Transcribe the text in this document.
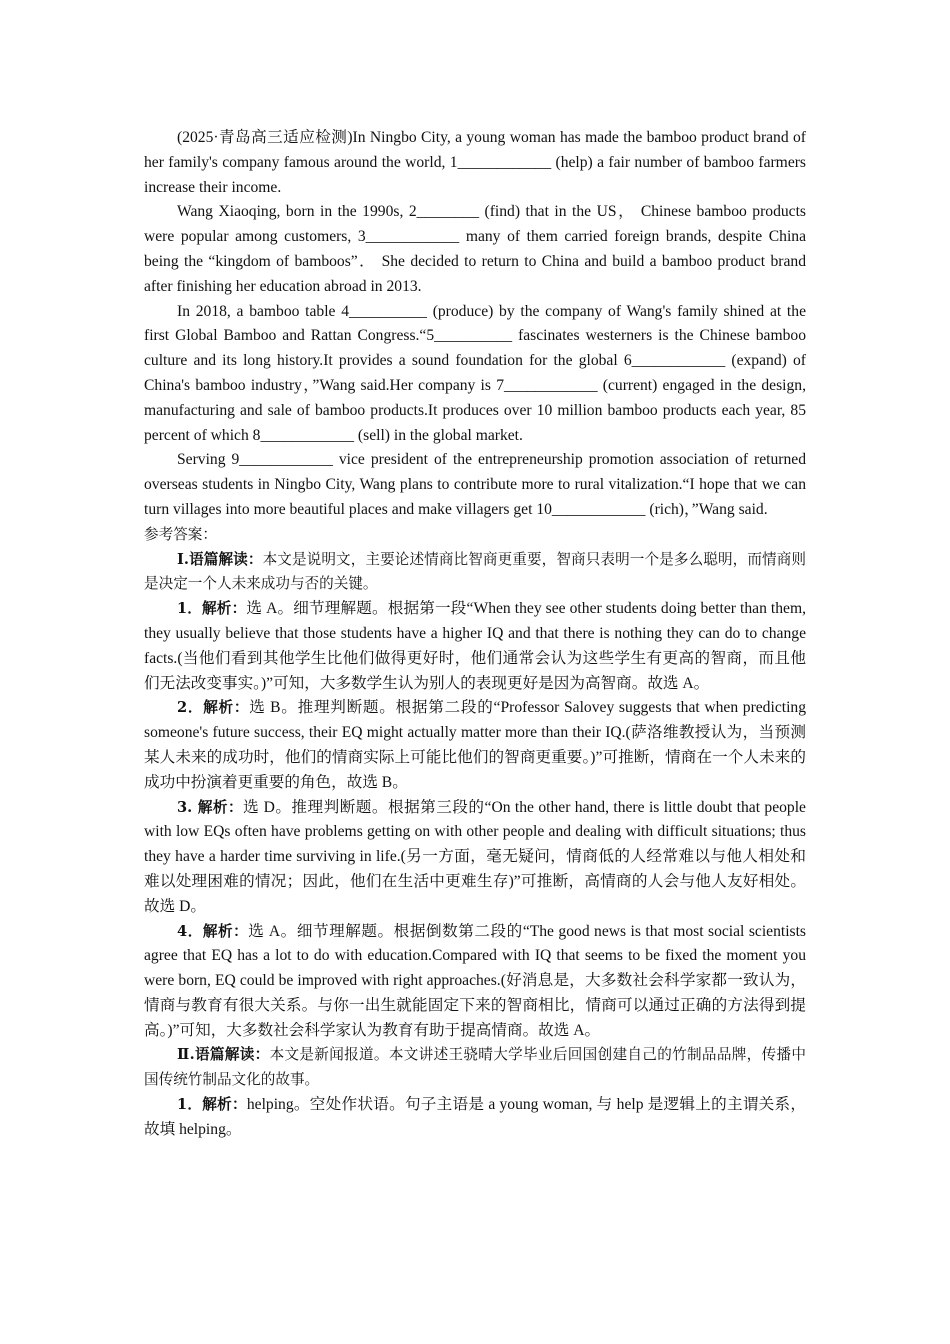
(2025·青岛高三适应检测)In Ningbo City, a young woman has made the bamboo product brand of her family's company famous around the world, 1____________ (help) a fair number of bamboo farmers increase their income.

Wang Xiaoqing, born in the 1990s, 2________ (find) that in the US， Chinese bamboo products were popular among customers, 3____________ many of them carried foreign brands, despite China being the “kingdom of bamboos”． She decided to return to China and build a bamboo product brand after finishing her education abroad in 2013.

In 2018, a bamboo table 4__________ (produce) by the company of Wang's family shined at the first Global Bamboo and Rattan Congress.“5__________ fascinates westerners is the Chinese bamboo culture and its long history.It provides a sound foundation for the global 6____________ (expand) of China's bamboo industry，”Wang said.Her company is 7____________ (current) engaged in the design, manufacturing and sale of bamboo products.It produces over 10 million bamboo products each year, 85 percent of which 8____________ (sell) in the global market.

Serving 9____________ vice president of the entrepreneurship promotion association of returned overseas students in Ningbo City, Wang plans to contribute more to rural vitalization.“I hope that we can turn villages into more beautiful places and make villagers get 10____________ (rich)，”Wang said.

参考答案：

Ⅰ.语篇解读：本文是说明文，主要论述情商比智商更重要，智商只表明一个是多么聪明，而情商则是决定一个人未来成功与否的关键。

1．解析：选 A。细节理解题。根据第一段“When they see other students doing better than them, they usually believe that those students have a higher IQ and that there is nothing they can do to change facts.(当他们看到其他学生比他们做得更好时，他们通常会认为这些学生有更高的智商，而且他们无法改变事实。)”可知，大多数学生认为别人的表现更好是因为高智商。故选 A。

2．解析：选 B。推理判断题。根据第二段的“Professor Salovey suggests that when predicting someone's future success, their EQ might actually matter more than their IQ.(萨洛维教授认为，当预测某人未来的成功时，他们的情商实际上可能比他们的智商更重要。)”可推断，情商在一个人未来的成功中扮演着更重要的角色，故选 B。

3. 解析：选 D。推理判断题。根据第三段的“On the other hand, there is little doubt that people with low EQs often have problems getting on with other people and dealing with difficult situations; thus they have a harder time surviving in life.(另一方面，毫无疑问，情商低的人经常难以与他人相处和难以处理困难的情况；因此，他们在生活中更难生存)”可推断，高情商的人会与他人友好相处。故选 D。

4．解析：选 A。细节理解题。根据倒数第二段的“The good news is that most social scientists agree that EQ has a lot to do with education.Compared with IQ that seems to be fixed the moment you were born, EQ could be improved with right approaches.(好消息是，大多数社会科学家都一致认为，情商与教育有很大关系。与你一出生就能固定下来的智商相比，情商可以通过正确的方法得到提高。)”可知，大多数社会科学家认为教育有助于提高情商。故选 A。

Ⅱ.语篇解读：本文是新闻报道。本文讲述王骁晴大学毕业后回国创建自己的竹制品品牌，传播中国传统竹制品文化的故事。

1．解析：helping。空处作状语。句子主语是 a young woman, 与 help 是逻辑上的主谓关系，故填 helping。
